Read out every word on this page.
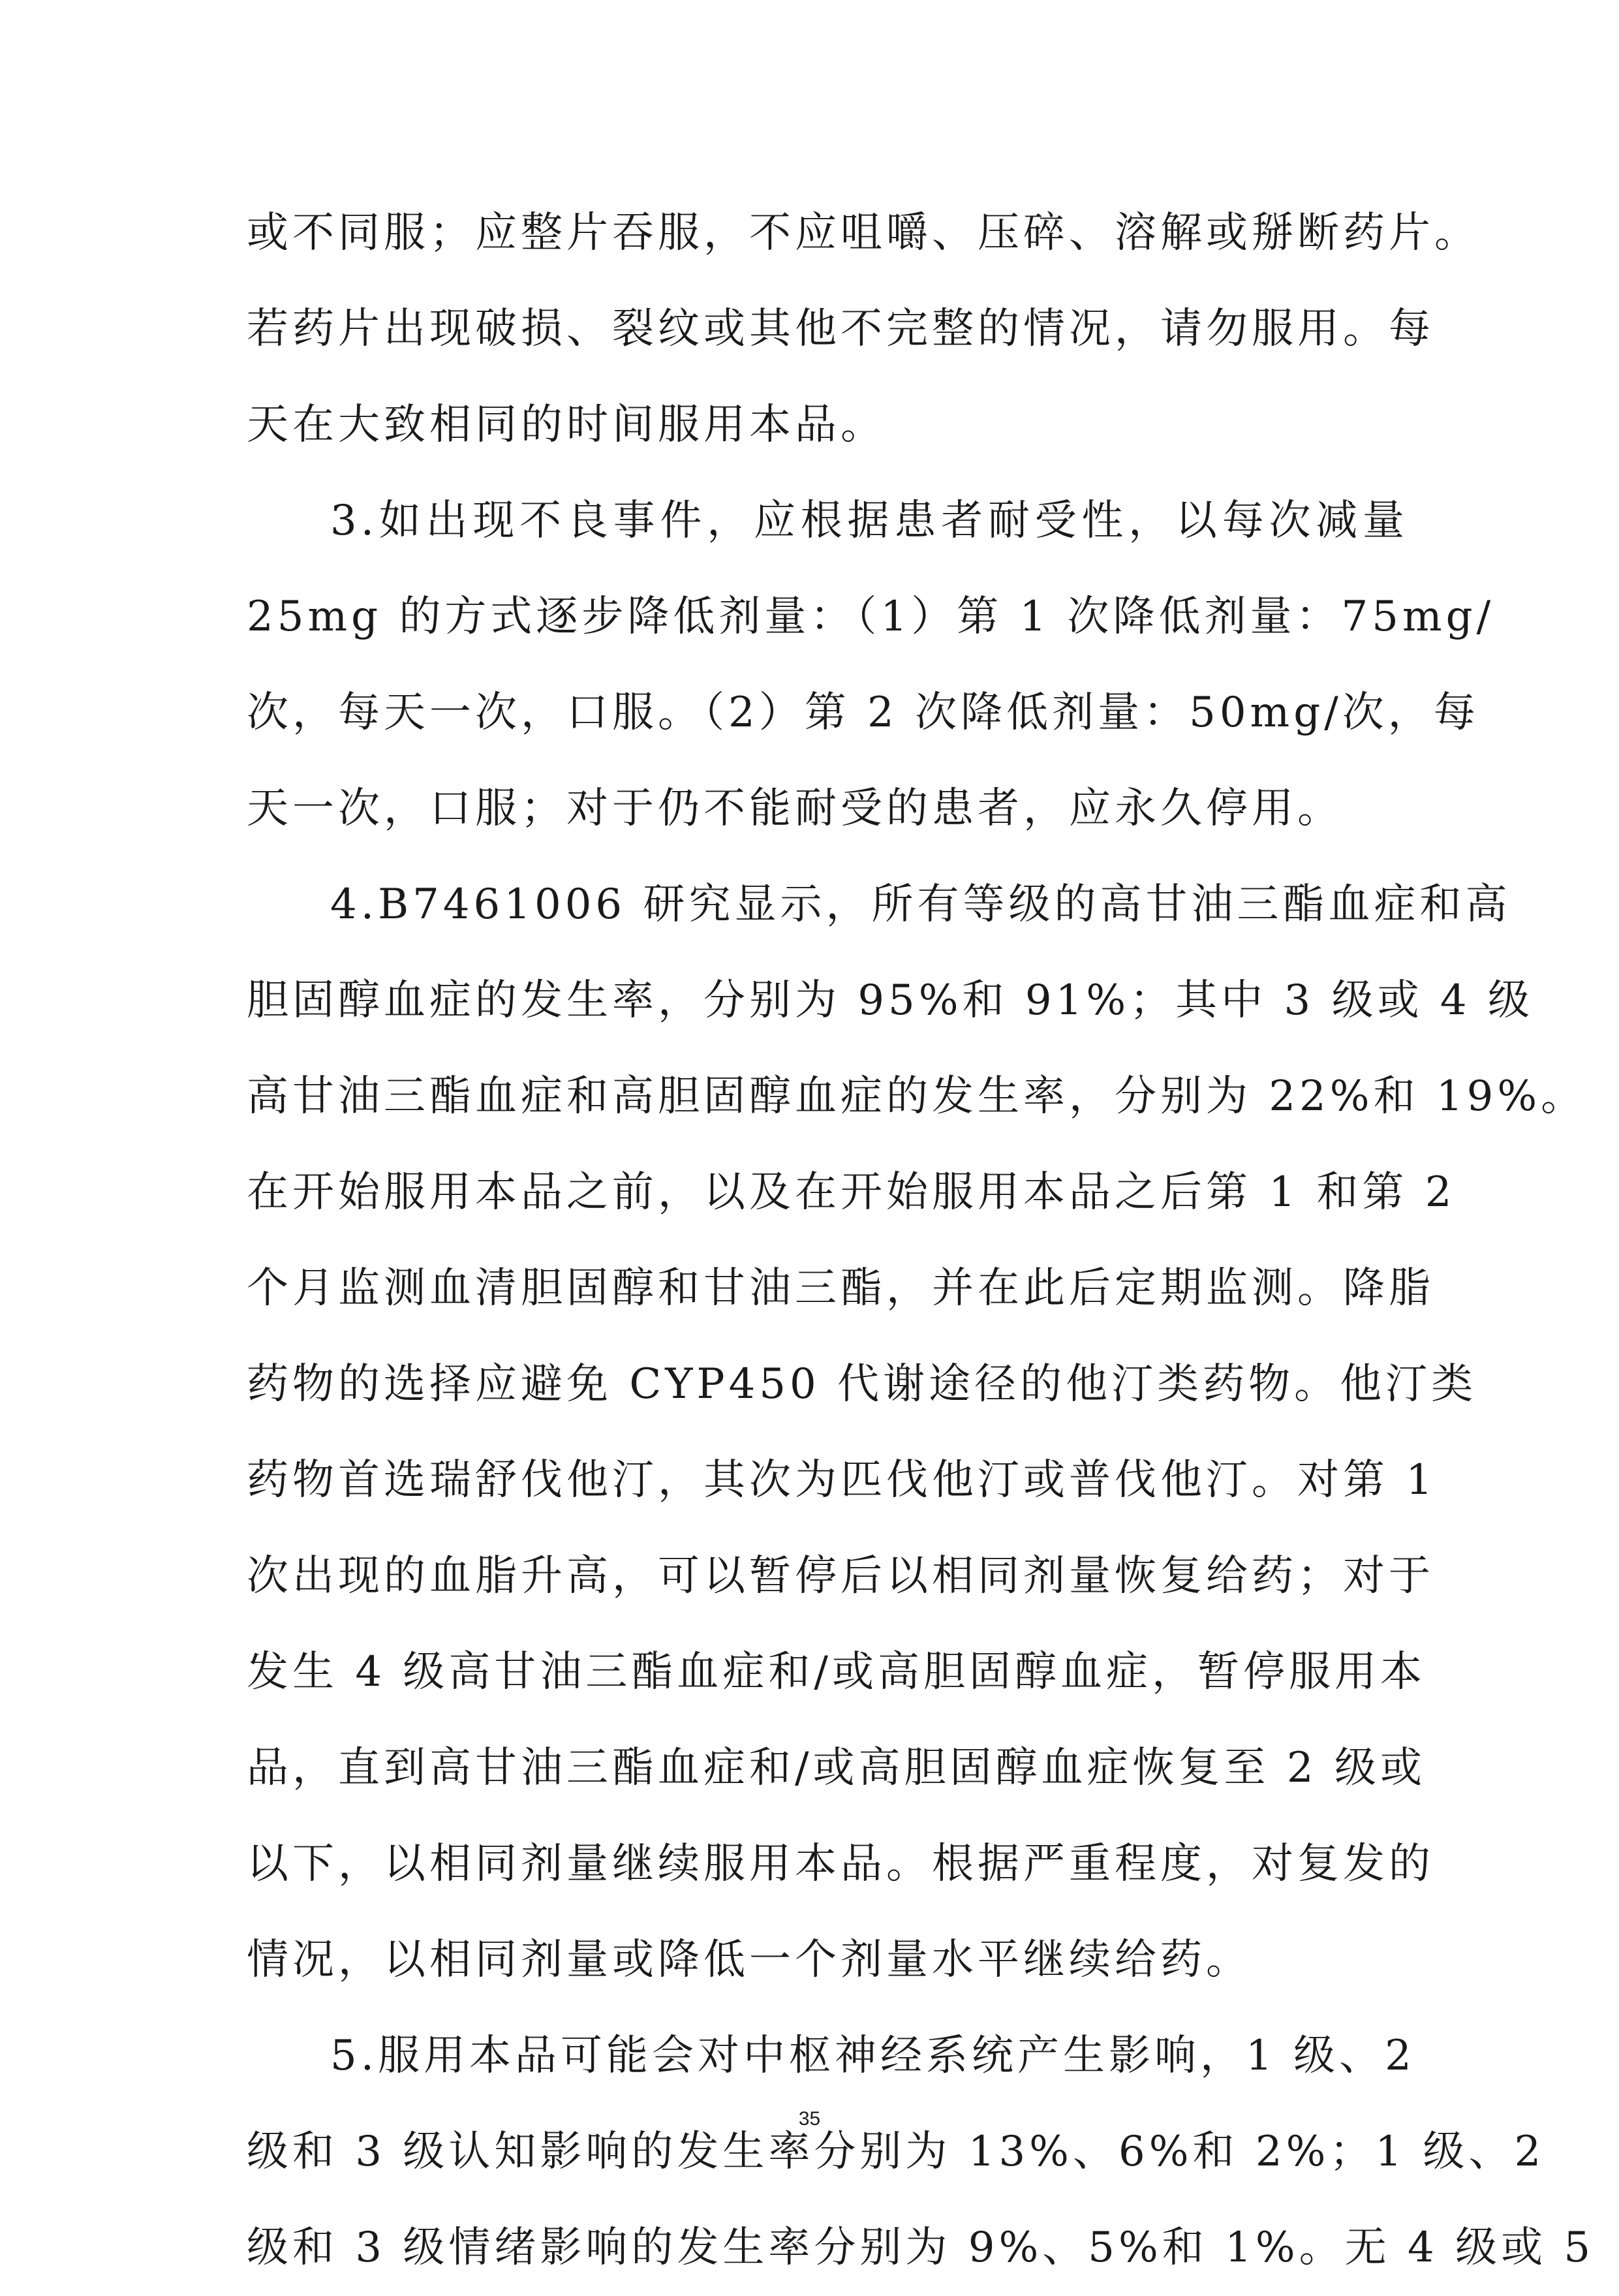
或不同服；应整片吞服，不应咀嚼、压碎、溶解或掰断药片。
若药片出现破损、裂纹或其他不完整的情况，请勿服用。每
天在大致相同的时间服用本品。
3.如出现不良事件，应根据患者耐受性，以每次减量
25mg 的方式逐步降低剂量：（1）第 1 次降低剂量：75mg/
次，每天一次，口服。（2）第 2 次降低剂量：50mg/次，每
天一次，口服；对于仍不能耐受的患者，应永久停用。
4.B7461006 研究显示，所有等级的高甘油三酯血症和高
胆固醇血症的发生率，分别为 95%和 91%；其中 3 级或 4 级
高甘油三酯血症和高胆固醇血症的发生率，分别为 22%和 19%。
在开始服用本品之前，以及在开始服用本品之后第 1 和第 2
个月监测血清胆固醇和甘油三酯，并在此后定期监测。降脂
药物的选择应避免 CYP450 代谢途径的他汀类药物。他汀类
药物首选瑞舒伐他汀，其次为匹伐他汀或普伐他汀。对第 1
次出现的血脂升高，可以暂停后以相同剂量恢复给药；对于
发生 4 级高甘油三酯血症和/或高胆固醇血症，暂停服用本
品，直到高甘油三酯血症和/或高胆固醇血症恢复至 2 级或
以下，以相同剂量继续服用本品。根据严重程度，对复发的
情况，以相同剂量或降低一个剂量水平继续给药。
5.服用本品可能会对中枢神经系统产生影响，1 级、2
级和 3 级认知影响的发生率分别为 13%、6%和 2%；1 级、2
级和 3 级情绪影响的发生率分别为 9%、5%和 1%。无 4 级或 5
35
